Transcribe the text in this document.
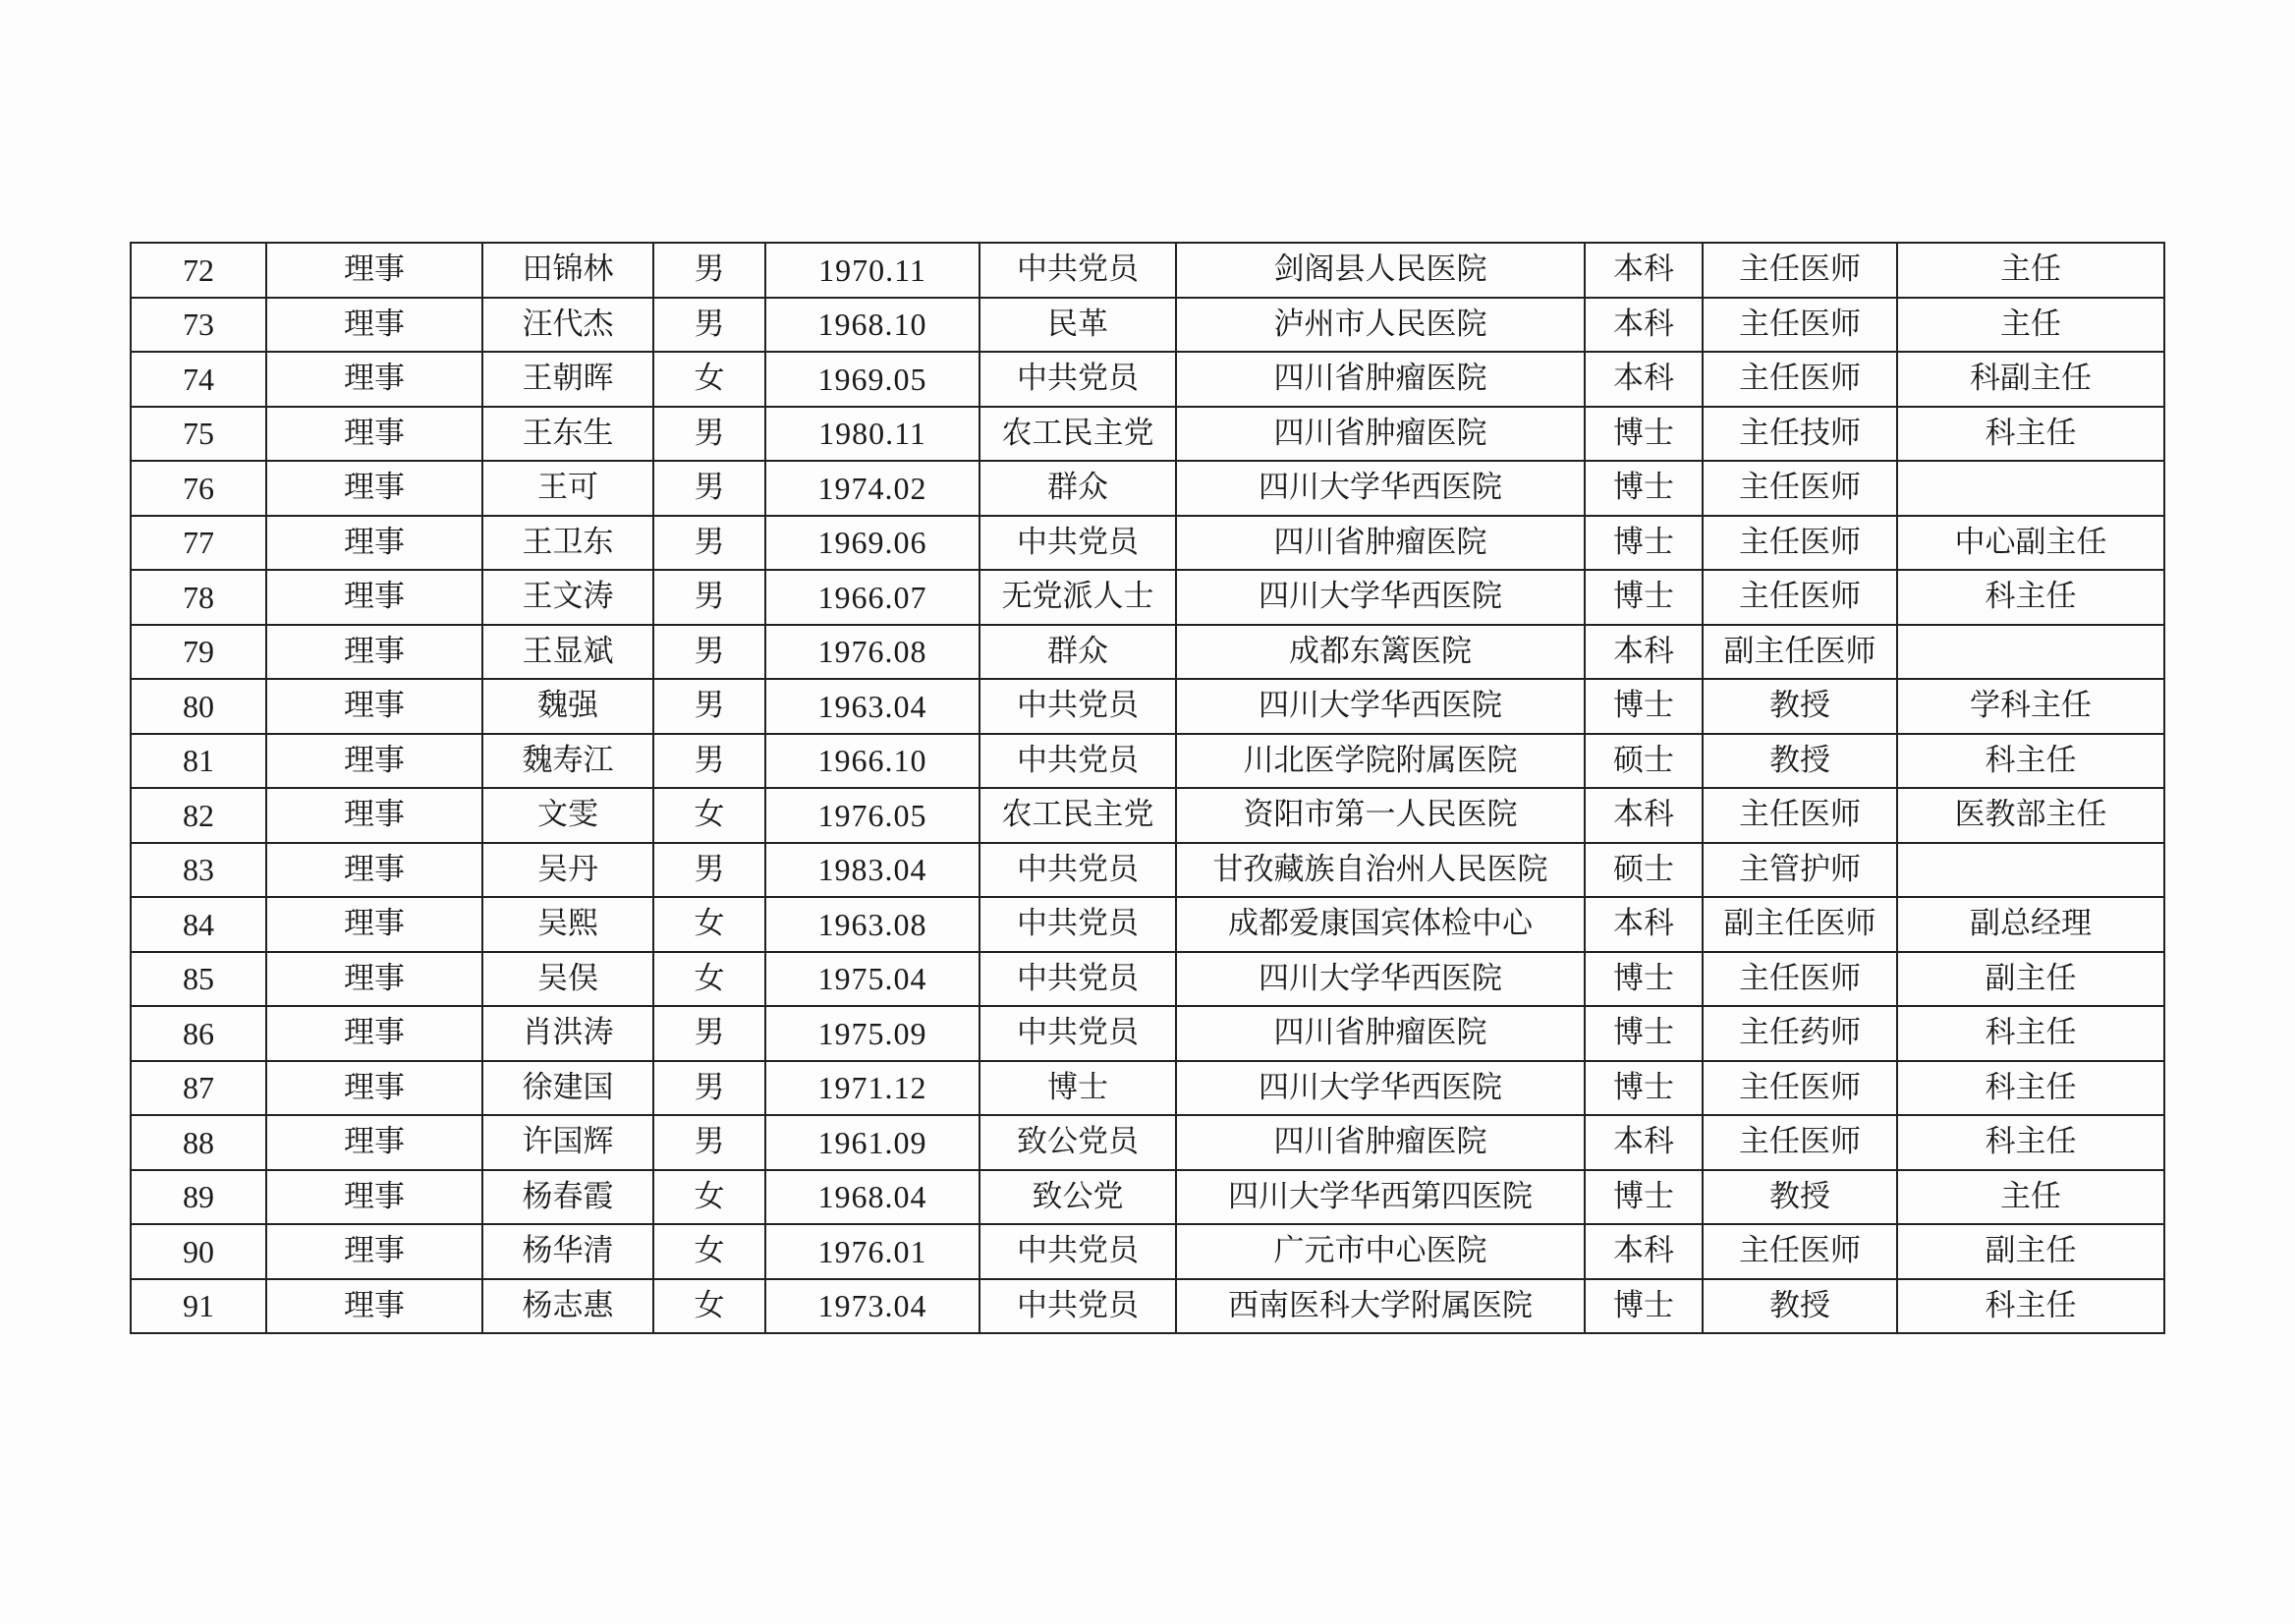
72	理事	田锦林	男	1970.11	中共党员	剑阁县人民医院	本科	主任医师	主任
73	理事	汪代杰	男	1968.10	民革	泸州市人民医院	本科	主任医师	主任
74	理事	王朝晖	女	1969.05	中共党员	四川省肿瘤医院	本科	主任医师	科副主任
75	理事	王东生	男	1980.11	农工民主党	四川省肿瘤医院	博士	主任技师	科主任
76	理事	王可	男	1974.02	群众	四川大学华西医院	博士	主任医师	
77	理事	王卫东	男	1969.06	中共党员	四川省肿瘤医院	博士	主任医师	中心副主任
78	理事	王文涛	男	1966.07	无党派人士	四川大学华西医院	博士	主任医师	科主任
79	理事	王显斌	男	1976.08	群众	成都东篱医院	本科	副主任医师	
80	理事	魏强	男	1963.04	中共党员	四川大学华西医院	博士	教授	学科主任
81	理事	魏寿江	男	1966.10	中共党员	川北医学院附属医院	硕士	教授	科主任
82	理事	文雯	女	1976.05	农工民主党	资阳市第一人民医院	本科	主任医师	医教部主任
83	理事	吴丹	男	1983.04	中共党员	甘孜藏族自治州人民医院	硕士	主管护师	
84	理事	吴熙	女	1963.08	中共党员	成都爱康国宾体检中心	本科	副主任医师	副总经理
85	理事	吴俣	女	1975.04	中共党员	四川大学华西医院	博士	主任医师	副主任
86	理事	肖洪涛	男	1975.09	中共党员	四川省肿瘤医院	博士	主任药师	科主任
87	理事	徐建国	男	1971.12	博士	四川大学华西医院	博士	主任医师	科主任
88	理事	许国辉	男	1961.09	致公党员	四川省肿瘤医院	本科	主任医师	科主任
89	理事	杨春霞	女	1968.04	致公党	四川大学华西第四医院	博士	教授	主任
90	理事	杨华清	女	1976.01	中共党员	广元市中心医院	本科	主任医师	副主任
91	理事	杨志惠	女	1973.04	中共党员	西南医科大学附属医院	博士	教授	科主任
